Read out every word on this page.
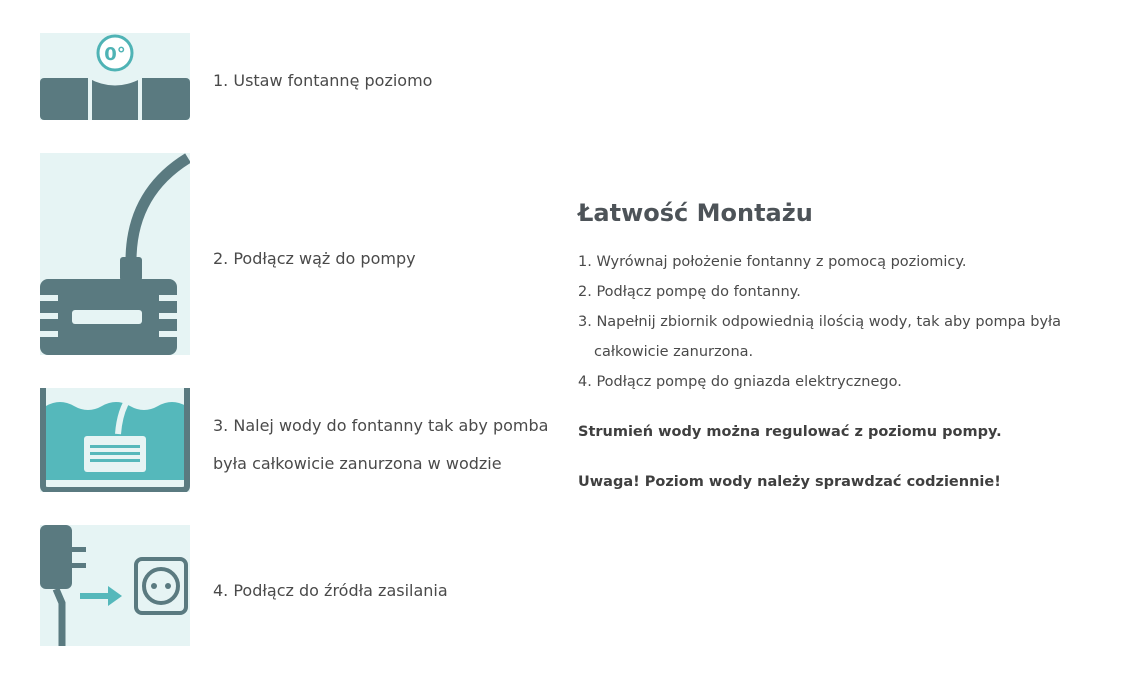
0°

1. Ustaw fontannę poziomo

2. Podłącz wąż do pompy

3. Nalej wody do fontanny tak aby pomba

była całkowicie zanurzona w wodzie

4. Podłącz do źródła zasilania

Łatwość Montażu
1. Wyrównaj położenie fontanny z pomocą poziomicy.
2. Podłącz pompę do fontanny.
3. Napełnij zbiornik odpowiednią ilością wody, tak aby pompa była całkowicie zanurzona.
4. Podłącz pompę do gniazda elektrycznego.

Strumień wody można regulować z poziomu pompy.

Uwaga! Poziom wody należy sprawdzać codziennie!
